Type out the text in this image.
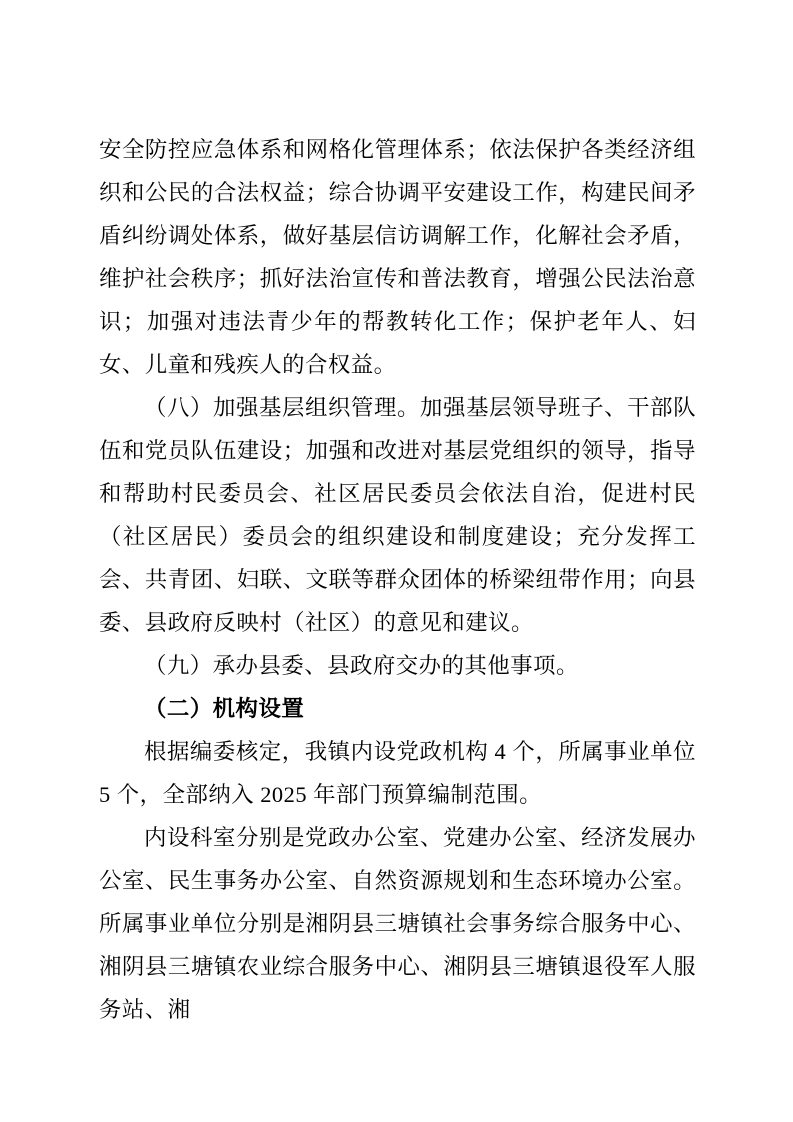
安全防控应急体系和网格化管理体系；依法保护各类经济组织和公民的合法权益；综合协调平安建设工作，构建民间矛盾纠纷调处体系，做好基层信访调解工作，化解社会矛盾，维护社会秩序；抓好法治宣传和普法教育，增强公民法治意识；加强对违法青少年的帮教转化工作；保护老年人、妇女、儿童和残疾人的合权益。

（八）加强基层组织管理。加强基层领导班子、干部队伍和党员队伍建设；加强和改进对基层党组织的领导，指导和帮助村民委员会、社区居民委员会依法自治，促进村民（社区居民）委员会的组织建设和制度建设；充分发挥工会、共青团、妇联、文联等群众团体的桥梁纽带作用；向县委、县政府反映村（社区）的意见和建议。

（九）承办县委、县政府交办的其他事项。

（二）机构设置

根据编委核定，我镇内设党政机构 4 个，所属事业单位 5 个，全部纳入 2025 年部门预算编制范围。

内设科室分别是党政办公室、党建办公室、经济发展办公室、民生事务办公室、自然资源规划和生态环境办公室。所属事业单位分别是湘阴县三塘镇社会事务综合服务中心、湘阴县三塘镇农业综合服务中心、湘阴县三塘镇退役军人服务站、湘
